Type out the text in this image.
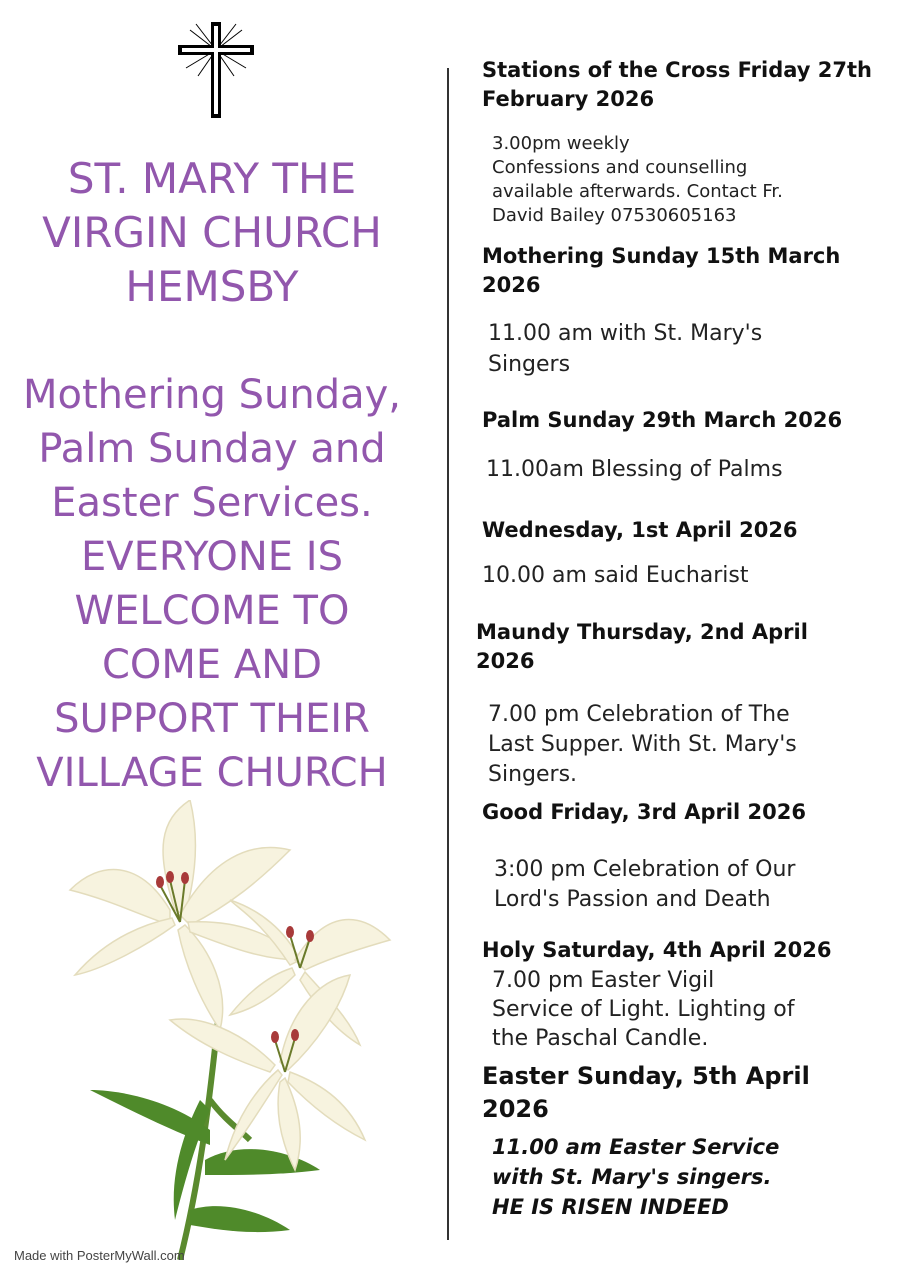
ST. MARY THE
VIRGIN CHURCH
HEMSBY
Mothering Sunday,
Palm Sunday and
Easter Services.
EVERYONE IS
WELCOME TO
COME AND
SUPPORT THEIR
VILLAGE CHURCH
Made with PosterMyWall.com
Stations of the Cross Friday 27th
February 2026
3.00pm weekly
Confessions and counselling
available afterwards. Contact Fr.
David Bailey 07530605163
Mothering Sunday 15th March
2026
11.00 am with St. Mary's
Singers
Palm Sunday 29th March 2026
11.00am Blessing of Palms
Wednesday, 1st April 2026
10.00 am said Eucharist
Maundy Thursday, 2nd April
2026
7.00 pm Celebration of The
Last Supper. With St. Mary's
Singers.
Good Friday, 3rd April 2026
3:00 pm Celebration of Our
Lord's Passion and Death
Holy Saturday, 4th April 2026
7.00 pm Easter Vigil
Service of Light. Lighting of
the Paschal Candle.
Easter Sunday, 5th April
2026
11.00 am Easter Service
with St. Mary's singers.
HE IS RISEN INDEED
